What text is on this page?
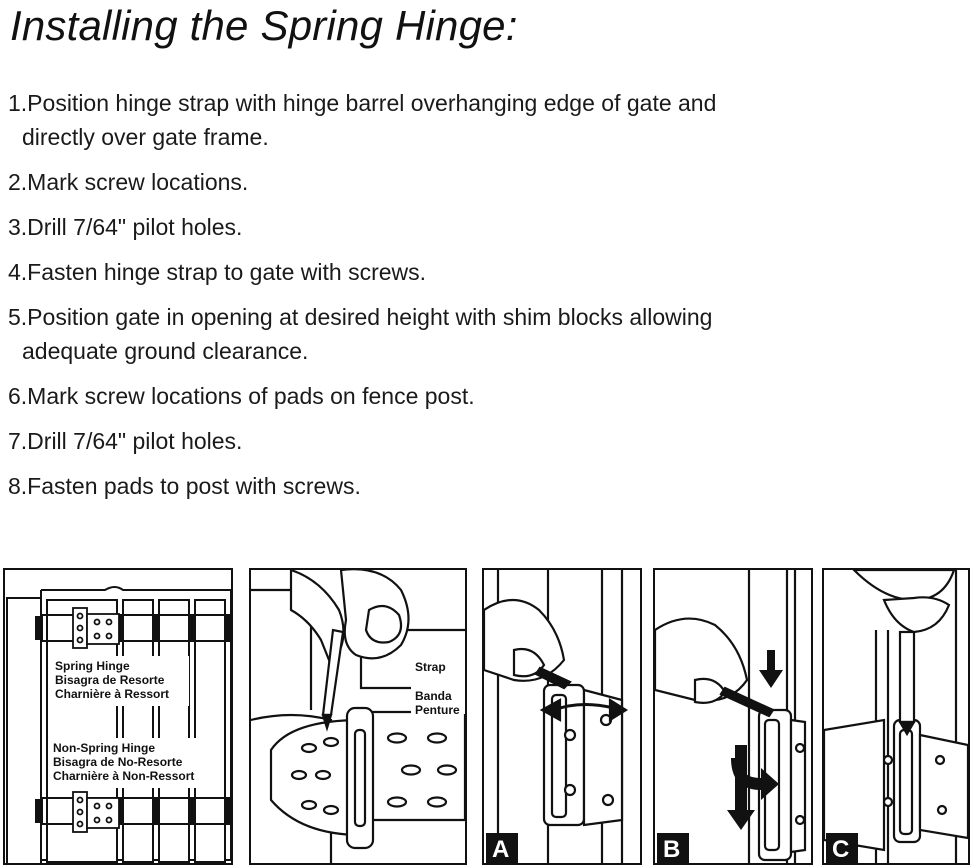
Installing the Spring Hinge:
1.Position hinge strap with hinge barrel overhanging edge of gate and
directly over gate frame.
2.Mark screw locations.
3.Drill 7/64" pilot holes.
4.Fasten hinge strap to gate with screws.
5.Position gate in opening at desired height with shim blocks allowing
adequate ground clearance.
6.Mark screw locations of pads on fence post.
7.Drill 7/64" pilot holes.
8.Fasten pads to post with screws.
Spring Hinge
Bisagra de Resorte
Charnière à Ressort
Non-Spring Hinge
Bisagra de No-Resorte
Charnière à Non-Ressort
Strap
Banda
Penture
A	B	C
